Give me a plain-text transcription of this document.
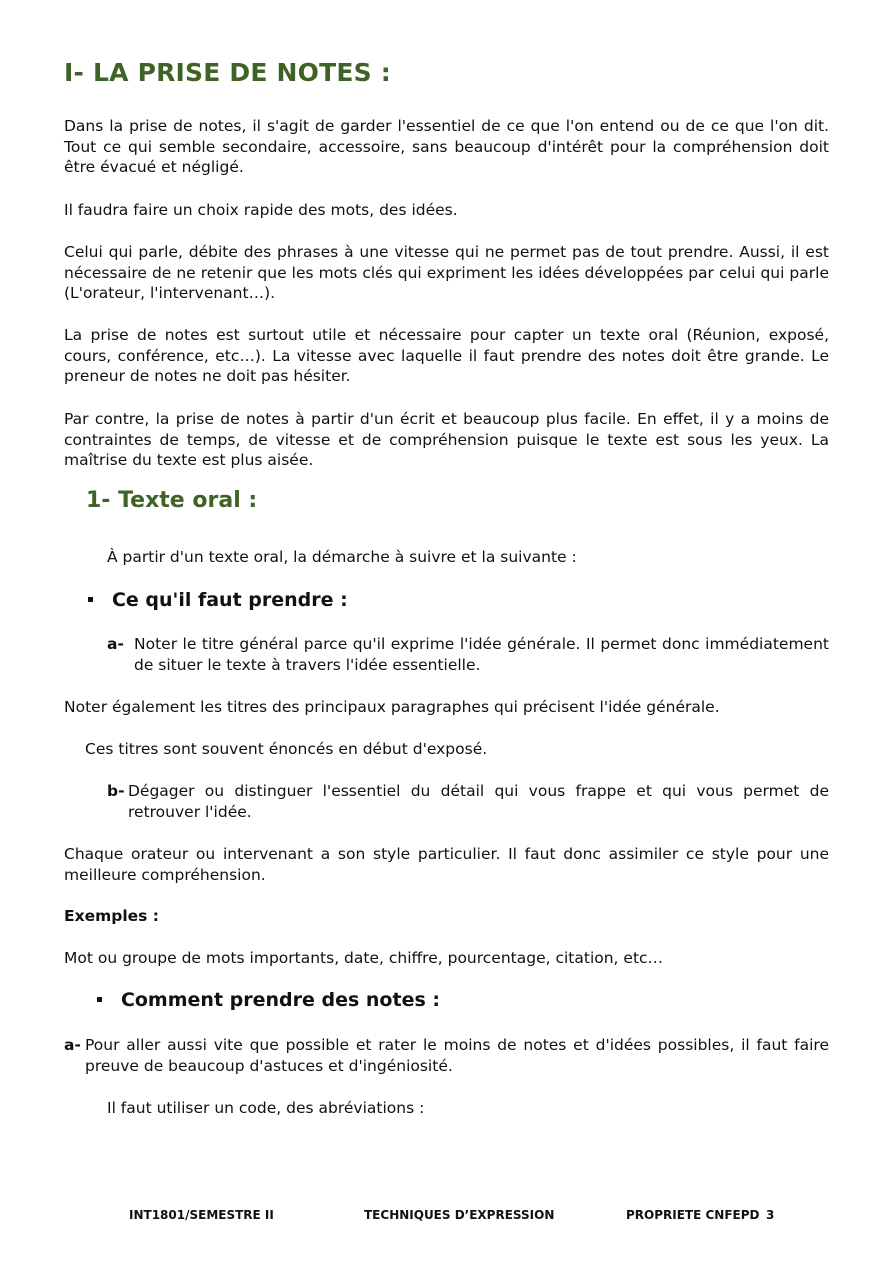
I- LA PRISE DE NOTES :
Dans la prise de notes, il s'agit de garder l'essentiel de ce que l'on entend ou de ce que l'on dit. Tout ce qui semble secondaire, accessoire, sans beaucoup d'intérêt pour la compréhension doit être évacué et négligé.
Il faudra faire un choix rapide des mots, des idées.
Celui qui parle, débite des phrases à une vitesse qui ne permet pas de tout prendre. Aussi, il est nécessaire de ne retenir que les mots clés qui expriment les idées développées par celui qui parle (L'orateur, l'intervenant…).
La prise de notes est surtout utile et nécessaire pour capter un texte oral (Réunion, exposé, cours, conférence, etc…). La vitesse avec laquelle il faut prendre des notes doit être grande. Le preneur de notes ne doit pas hésiter.
Par contre, la prise de notes à partir d'un écrit et beaucoup plus facile. En effet, il y a moins de contraintes de temps, de vitesse et de compréhension puisque le texte est sous les yeux. La maîtrise du texte est plus aisée.
1- Texte oral :
À partir d'un texte oral, la démarche à suivre et la suivante :
Ce qu'il faut prendre :
a- Noter le titre général parce qu'il exprime l'idée générale. Il permet donc immédiatement de situer le texte à travers l'idée essentielle.
Noter également les titres des principaux paragraphes qui précisent l'idée générale.
Ces titres sont souvent énoncés en début d'exposé.
b- Dégager ou distinguer l'essentiel du détail qui vous frappe et qui vous permet de retrouver l'idée.
Chaque orateur ou intervenant a son style particulier. Il faut donc assimiler ce style pour une meilleure compréhension.
Exemples :
Mot ou groupe de mots importants, date, chiffre, pourcentage, citation, etc…
Comment prendre des notes :
a- Pour aller aussi vite que possible et rater le moins de notes et d'idées possibles, il faut faire preuve de beaucoup d'astuces et d'ingéniosité.
Il faut utiliser un code, des abréviations :
INT1801/SEMESTRE II	TECHNIQUES D’EXPRESSION	PROPRIETE CNFEPD 3
